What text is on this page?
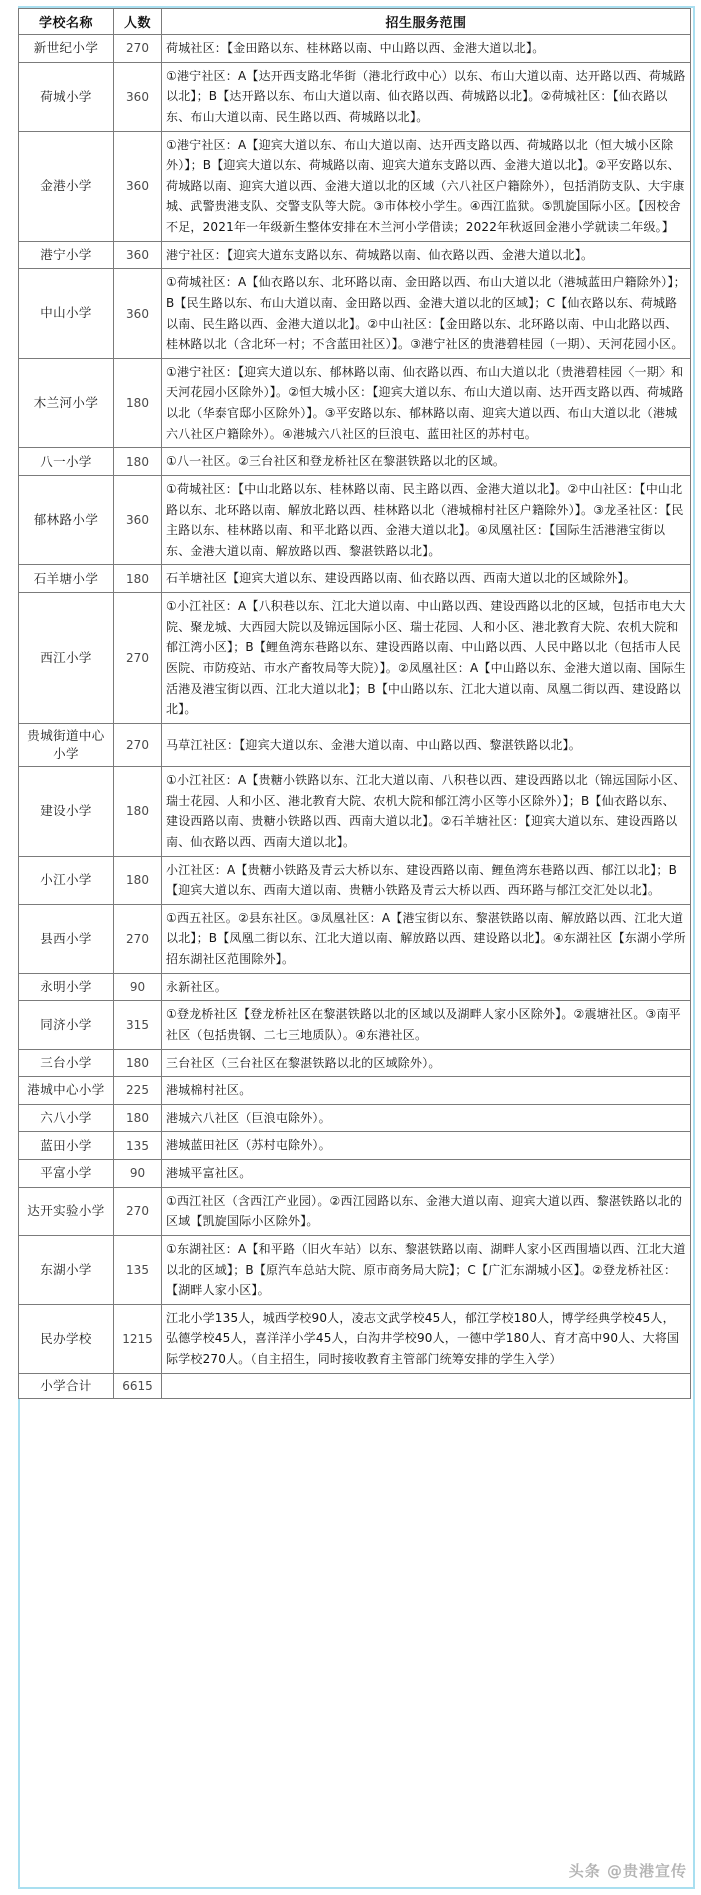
学校名称	人数	招生服务范围
新世纪小学	270	荷城社区：【金田路以东、桂林路以南、中山路以西、金港大道以北】。
荷城小学	360	①港宁社区：A【达开西支路北华街（港北行政中心）以东、布山大道以南、达开路以西、荷城路以北】；B【达开路以东、布山大道以南、仙衣路以西、荷城路以北】。②荷城社区：【仙衣路以东、布山大道以南、民生路以西、荷城路以北】。
金港小学	360	①港宁社区：A【迎宾大道以东、布山大道以南、达开西支路以西、荷城路以北（恒大城小区除外）】；B【迎宾大道以东、荷城路以南、迎宾大道东支路以西、金港大道以北】。②平安路以东、荷城路以南、迎宾大道以西、金港大道以北的区域（六八社区户籍除外），包括消防支队、大宇康城、武警贵港支队、交警支队等大院。③市体校小学生。④西江监狱。⑤凯旋国际小区。【因校舍不足，2021年一年级新生整体安排在木兰河小学借读；2022年秋返回金港小学就读二年级。】
港宁小学	360	港宁社区：【迎宾大道东支路以东、荷城路以南、仙衣路以西、金港大道以北】。
中山小学	360	①荷城社区：A【仙衣路以东、北环路以南、金田路以西、布山大道以北（港城蓝田户籍除外）】；B【民生路以东、布山大道以南、金田路以西、金港大道以北的区域】；C【仙衣路以东、荷城路以南、民生路以西、金港大道以北】。②中山社区：【金田路以东、北环路以南、中山北路以西、桂林路以北（含北环一村；不含蓝田社区）】。③港宁社区的贵港碧桂园（一期）、天河花园小区。
木兰河小学	180	①港宁社区：【迎宾大道以东、郁林路以南、仙衣路以西、布山大道以北（贵港碧桂园〈一期〉和天河花园小区除外）】。②恒大城小区：【迎宾大道以东、布山大道以南、达开西支路以西、荷城路以北（华泰官邸小区除外）】。③平安路以东、郁林路以南、迎宾大道以西、布山大道以北（港城六八社区户籍除外）。④港城六八社区的巨浪屯、蓝田社区的苏村屯。
八一小学	180	①八一社区。②三台社区和登龙桥社区在黎湛铁路以北的区域。
郁林路小学	360	①荷城社区：【中山北路以东、桂林路以南、民主路以西、金港大道以北】。②中山社区：【中山北路以东、北环路以南、解放北路以西、桂林路以北（港城棉村社区户籍除外）】。③龙圣社区：【民主路以东、桂林路以南、和平北路以西、金港大道以北】。④凤凰社区：【国际生活港港宝街以东、金港大道以南、解放路以西、黎湛铁路以北】。
石羊塘小学	180	石羊塘社区【迎宾大道以东、建设西路以南、仙衣路以西、西南大道以北的区域除外】。
西江小学	270	①小江社区：A【八积巷以东、江北大道以南、中山路以西、建设西路以北的区域，包括市电大大院、聚龙城、大西园大院以及锦远国际小区、瑞士花园、人和小区、港北教育大院、农机大院和郁江湾小区】；B【鲤鱼湾东巷路以东、建设西路以南、中山路以西、人民中路以北（包括市人民医院、市防疫站、市水产畜牧局等大院）】。②凤凰社区：A【中山路以东、金港大道以南、国际生活港及港宝街以西、江北大道以北】；B【中山路以东、江北大道以南、凤凰二街以西、建设路以北】。
贵城街道中心小学	270	马草江社区：【迎宾大道以东、金港大道以南、中山路以西、黎湛铁路以北】。
建设小学	180	①小江社区：A【贵糖小铁路以东、江北大道以南、八积巷以西、建设西路以北（锦远国际小区、瑞士花园、人和小区、港北教育大院、农机大院和郁江湾小区等小区除外）】；B【仙衣路以东、建设西路以南、贵糖小铁路以西、西南大道以北】。②石羊塘社区：【迎宾大道以东、建设西路以南、仙衣路以西、西南大道以北】。
小江小学	180	小江社区：A【贵糖小铁路及青云大桥以东、建设西路以南、鲤鱼湾东巷路以西、郁江以北】；B【迎宾大道以东、西南大道以南、贵糖小铁路及青云大桥以西、西环路与郁江交汇处以北】。
县西小学	270	①西五社区。②县东社区。③凤凰社区：A【港宝街以东、黎湛铁路以南、解放路以西、江北大道以北】；B【凤凰二街以东、江北大道以南、解放路以西、建设路以北】。④东湖社区【东湖小学所招东湖社区范围除外】。
永明小学	90	永新社区。
同济小学	315	①登龙桥社区【登龙桥社区在黎湛铁路以北的区域以及湖畔人家小区除外】。②震塘社区。③南平社区（包括贵钢、二七三地质队）。④东港社区。
三台小学	180	三台社区（三台社区在黎湛铁路以北的区域除外）。
港城中心小学	225	港城棉村社区。
六八小学	180	港城六八社区（巨浪屯除外）。
蓝田小学	135	港城蓝田社区（苏村屯除外）。
平富小学	90	港城平富社区。
达开实验小学	270	①西江社区（含西江产业园）。②西江园路以东、金港大道以南、迎宾大道以西、黎湛铁路以北的区域【凯旋国际小区除外】。
东湖小学	135	①东湖社区：A【和平路（旧火车站）以东、黎湛铁路以南、湖畔人家小区西围墙以西、江北大道以北的区域】；B【原汽车总站大院、原市商务局大院】；C【广汇东湖城小区】。②登龙桥社区：【湖畔人家小区】。
民办学校	1215	江北小学135人，城西学校90人，凌志文武学校45人，郁江学校180人，博学经典学校45人，弘德学校45人，喜洋洋小学45人，白沟井学校90人，一德中学180人、育才高中90人、大将国际学校270人。（自主招生，同时接收教育主管部门统筹安排的学生入学）
小学合计	6615	
头条 @贵港宣传
